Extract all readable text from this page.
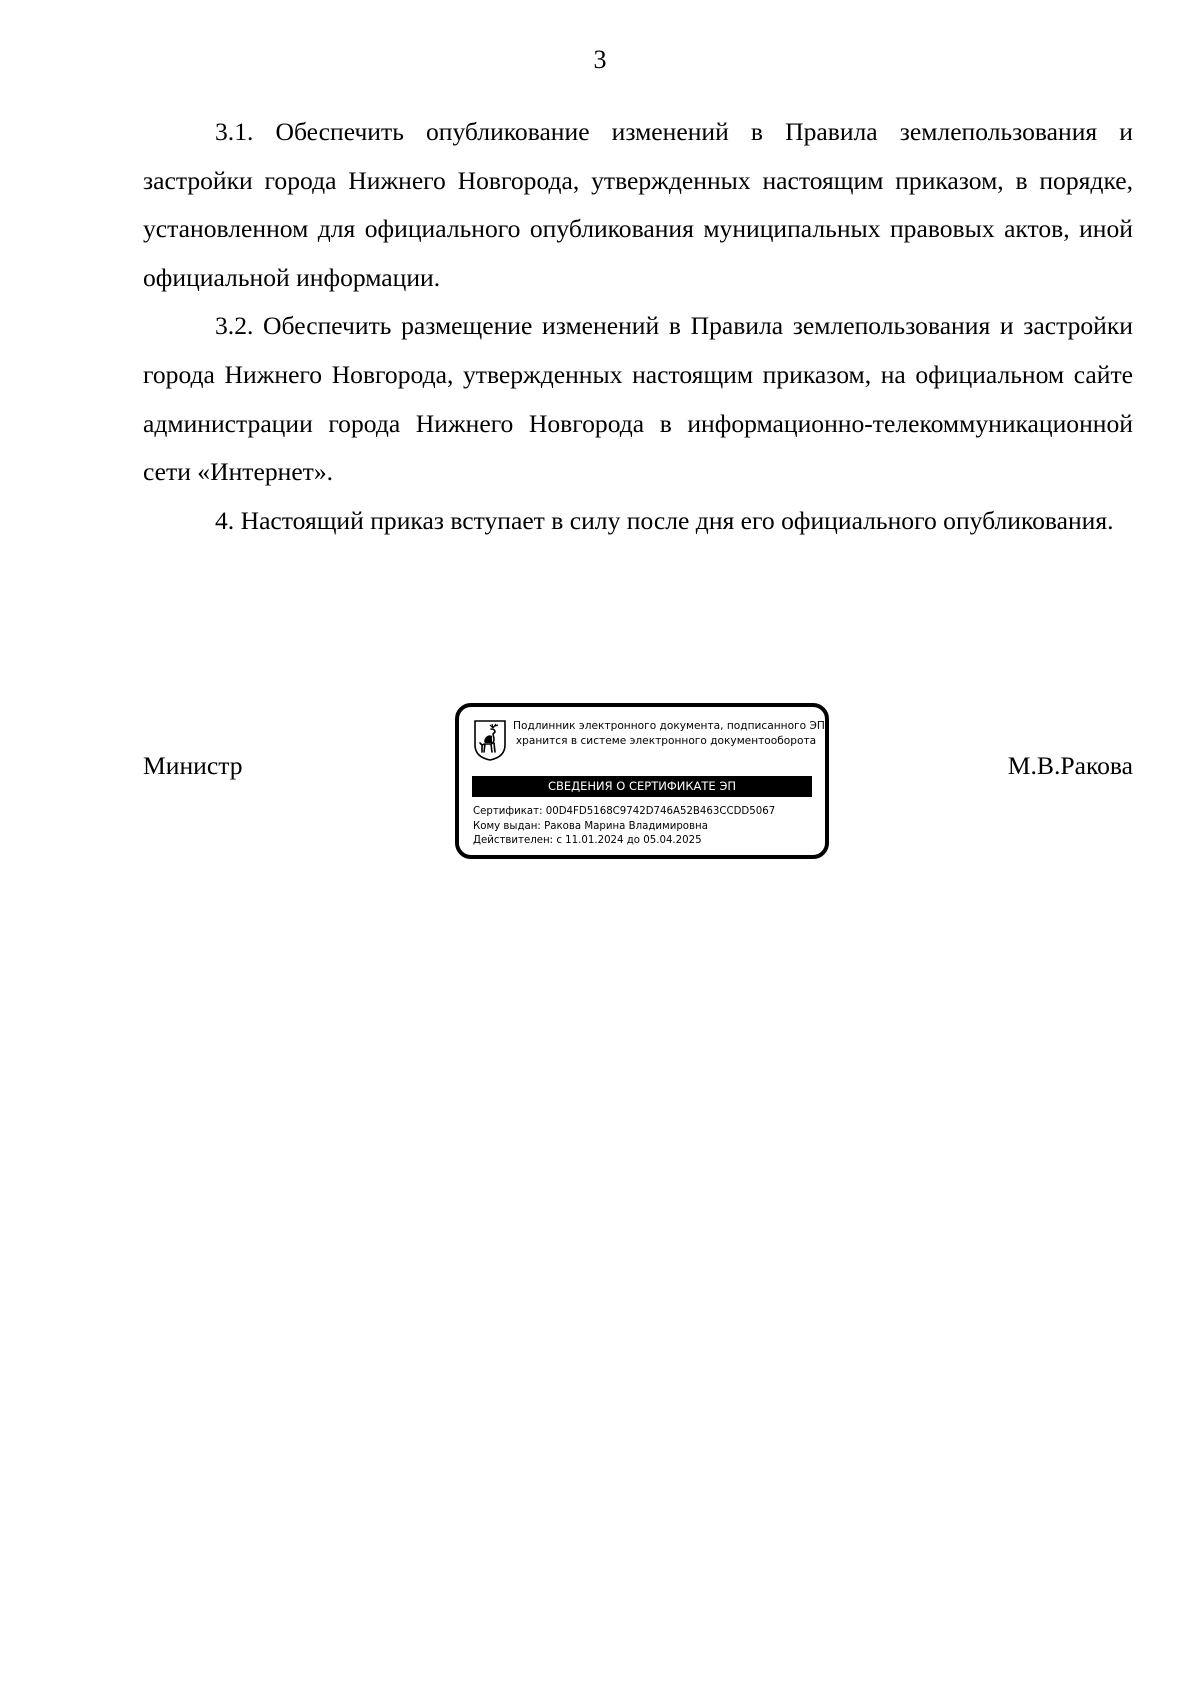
3

3.1. Обеспечить опубликование изменений в Правила землепользования и застройки города Нижнего Новгорода, утвержденных настоящим приказом, в порядке, установленном для официального опубликования муниципальных правовых актов, иной официальной информации.

3.2. Обеспечить размещение изменений в Правила землепользования и застройки города Нижнего Новгорода, утвержденных настоящим приказом, на официальном сайте администрации города Нижнего Новгорода в информационно-телекоммуникационной сети «Интернет».

4. Настоящий приказ вступает в силу после дня его официального опубликования.

Министр	М.В.Ракова
Подлинник электронного документа, подписанного ЭП,
хранится в системе электронного документооборота
СВЕДЕНИЯ О СЕРТИФИКАТЕ ЭП
Сертификат: 00D4FD5168C9742D746A52B463CCDD5067
Кому выдан: Ракова Марина Владимировна
Действителен: с 11.01.2024 до 05.04.2025
